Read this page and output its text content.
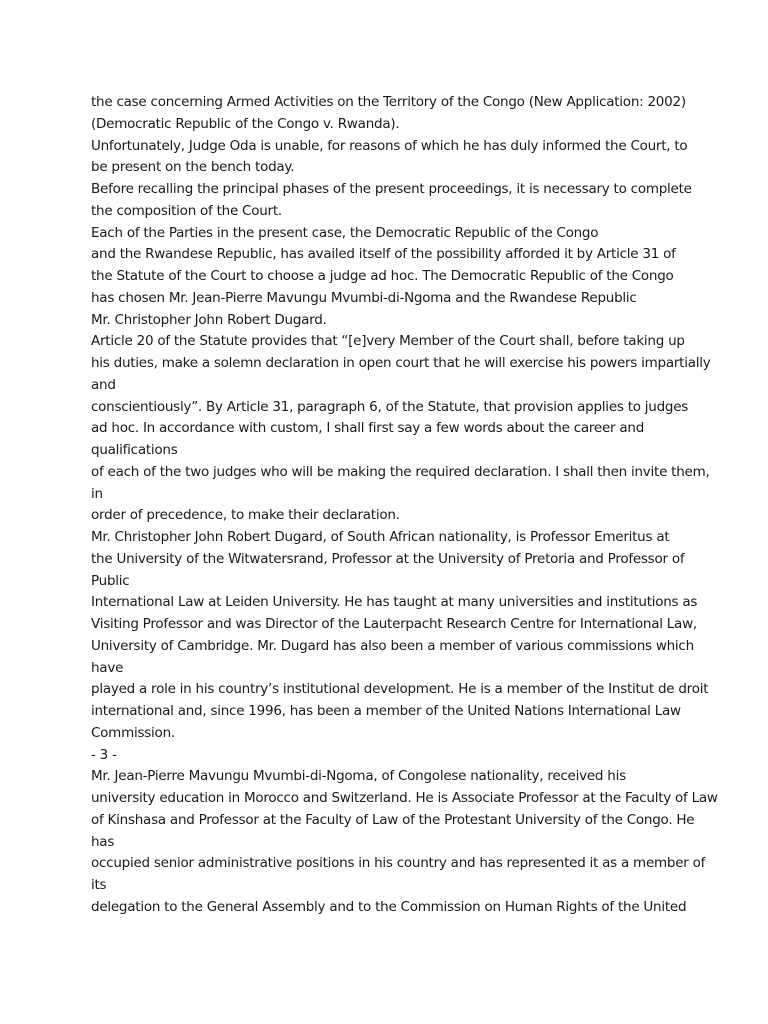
the case concerning Armed Activities on the Territory of the Congo (New Application: 2002)
(Democratic Republic of the Congo v. Rwanda).
Unfortunately, Judge Oda is unable, for reasons of which he has duly informed the Court, to
be present on the bench today.
Before recalling the principal phases of the present proceedings, it is necessary to complete
the composition of the Court.
Each of the Parties in the present case, the Democratic Republic of the Congo
and the Rwandese Republic, has availed itself of the possibility afforded it by Article 31 of
the Statute of the Court to choose a judge ad hoc. The Democratic Republic of the Congo
has chosen Mr. Jean-Pierre Mavungu Mvumbi-di-Ngoma and the Rwandese Republic
Mr. Christopher John Robert Dugard.
Article 20 of the Statute provides that “[e]very Member of the Court shall, before taking up
his duties, make a solemn declaration in open court that he will exercise his powers impartially
and
conscientiously”. By Article 31, paragraph 6, of the Statute, that provision applies to judges
ad hoc. In accordance with custom, I shall first say a few words about the career and
qualifications
of each of the two judges who will be making the required declaration. I shall then invite them,
in
order of precedence, to make their declaration.
Mr. Christopher John Robert Dugard, of South African nationality, is Professor Emeritus at
the University of the Witwatersrand, Professor at the University of Pretoria and Professor of
Public
International Law at Leiden University. He has taught at many universities and institutions as
Visiting Professor and was Director of the Lauterpacht Research Centre for International Law,
University of Cambridge. Mr. Dugard has also been a member of various commissions which
have
played a role in his country’s institutional development. He is a member of the Institut de droit
international and, since 1996, has been a member of the United Nations International Law
Commission.
- 3 -
Mr. Jean-Pierre Mavungu Mvumbi-di-Ngoma, of Congolese nationality, received his
university education in Morocco and Switzerland. He is Associate Professor at the Faculty of Law
of Kinshasa and Professor at the Faculty of Law of the Protestant University of the Congo. He
has
occupied senior administrative positions in his country and has represented it as a member of
its
delegation to the General Assembly and to the Commission on Human Rights of the United
